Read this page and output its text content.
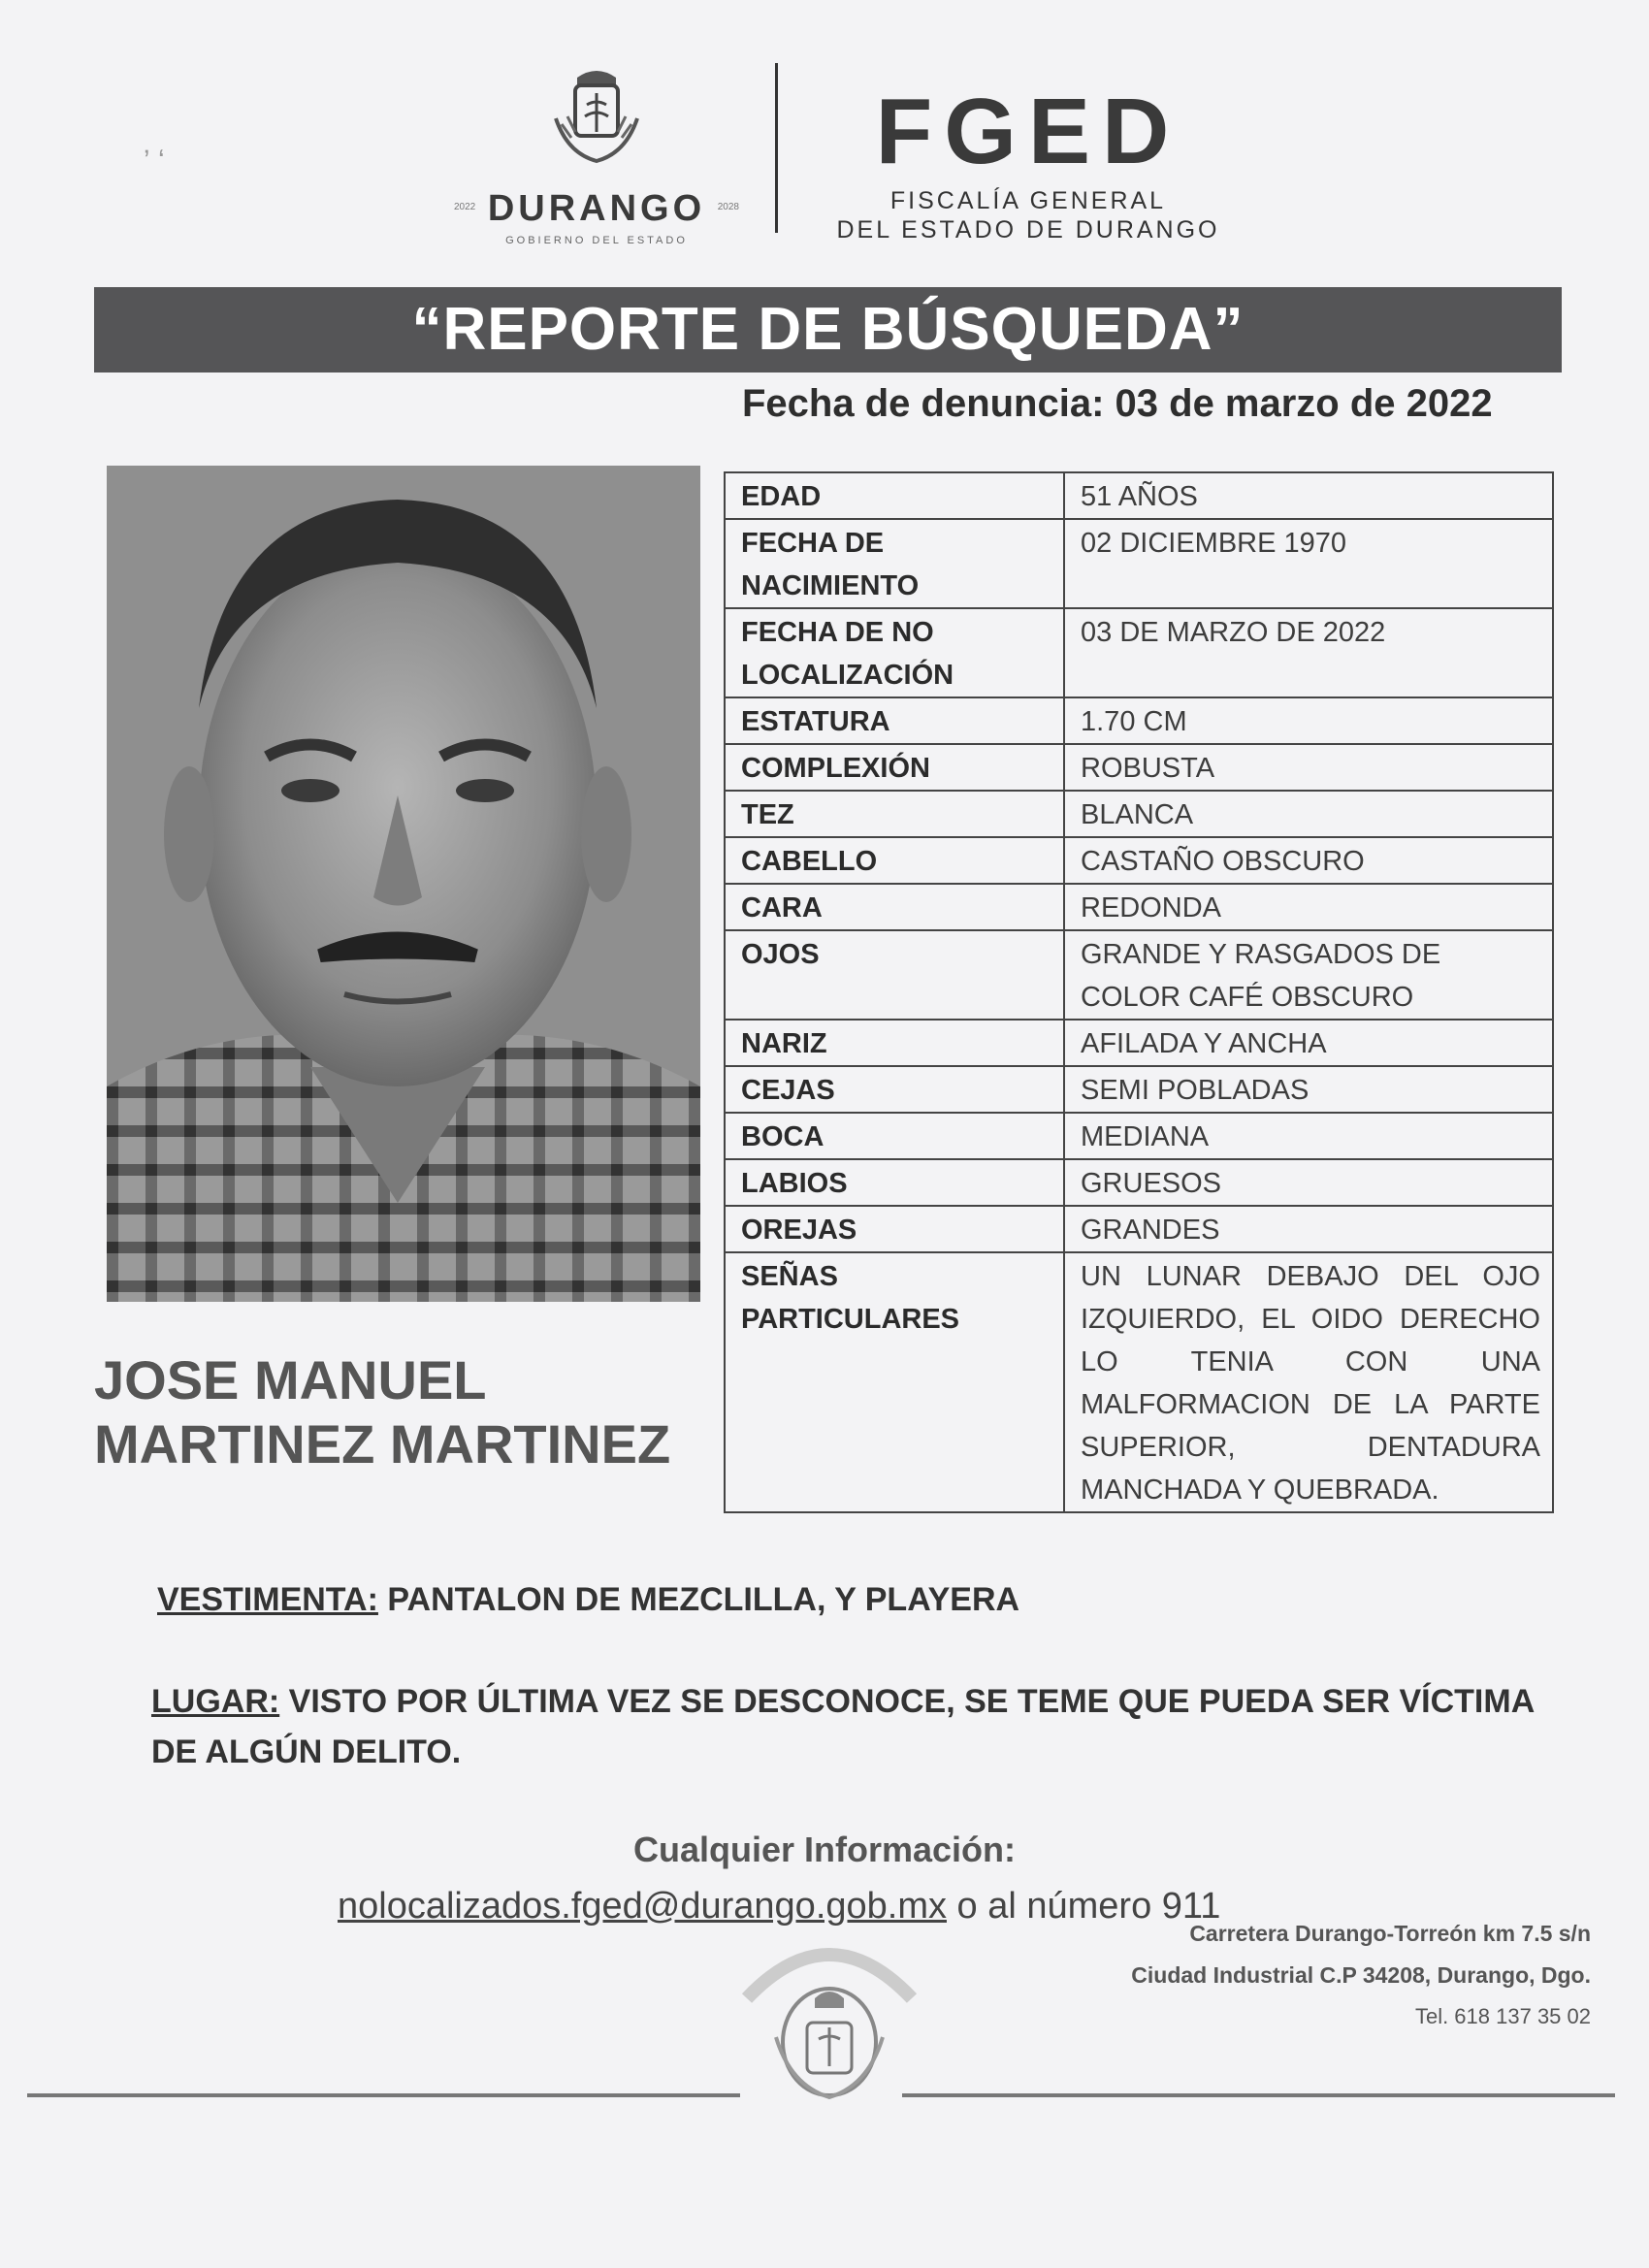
ʼ ʻ
2022 DURANGO	2028
GOBIERNO DEL ESTADO
FGED
FISCALÍA GENERAL
DEL ESTADO DE DURANGO
“REPORTE DE BÚSQUEDA”
Fecha de denuncia: 03 de marzo de 2022
JOSE MANUEL
MARTINEZ MARTINEZ
EDAD	51 AÑOS
FECHA DE
NACIMIENTO	02 DICIEMBRE 1970
FECHA DE NO
LOCALIZACIÓN	03 DE MARZO DE 2022
ESTATURA	1.70 CM
COMPLEXIÓN	ROBUSTA
TEZ	BLANCA
CABELLO	CASTAÑO OBSCURO
CARA	REDONDA
OJOS	GRANDE Y RASGADOS DE COLOR CAFÉ OBSCURO
NARIZ	AFILADA Y ANCHA
CEJAS	SEMI POBLADAS
BOCA	MEDIANA
LABIOS	GRUESOS
OREJAS	GRANDES
SEÑAS
PARTICULARES	UN LUNAR DEBAJO DEL OJO IZQUIERDO, EL OIDO DERECHO LO TENIA CON UNA MALFORMACION DE LA PARTE SUPERIOR, DENTADURA MANCHADA Y QUEBRADA.
VESTIMENTA: PANTALON DE MEZCLILLA, Y PLAYERA
LUGAR: VISTO POR ÚLTIMA VEZ SE DESCONOCE, SE TEME QUE PUEDA SER VÍCTIMA DE ALGÚN DELITO.
Cualquier Información:
nolocalizados.fged@durango.gob.mx o al número 911
Carretera Durango-Torreón km 7.5 s/n
Ciudad Industrial C.P 34208, Durango, Dgo.
Tel. 618 137 35 02
